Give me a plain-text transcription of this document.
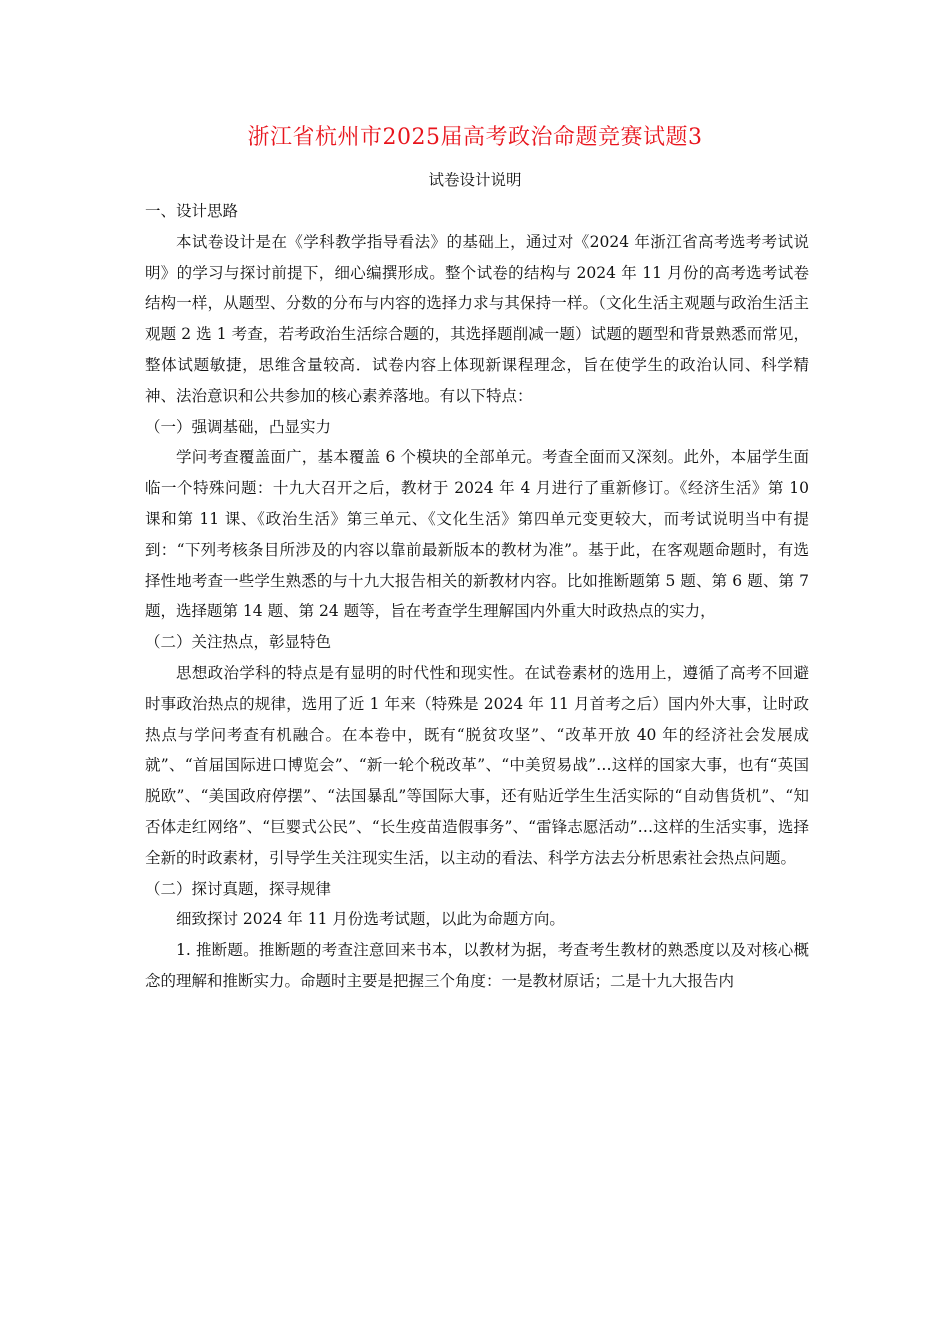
浙江省杭州市2025届高考政治命题竞赛试题3
试卷设计说明

一、设计思路

本试卷设计是在《学科教学指导看法》的基础上，通过对《2024 年浙江省高考选考考试说明》的学习与探讨前提下，细心编撰形成。整个试卷的结构与 2024 年 11 月份的高考选考试卷结构一样，从题型、分数的分布与内容的选择力求与其保持一样。（文化生活主观题与政治生活主观题 2 选 1 考查，若考政治生活综合题的，其选择题削减一题）试题的题型和背景熟悉而常见，整体试题敏捷，思维含量较高．试卷内容上体现新课程理念，旨在使学生的政治认同、科学精神、法治意识和公共参加的核心素养落地。有以下特点：

（一）强调基础，凸显实力

学问考查覆盖面广，基本覆盖 6 个模块的全部单元。考查全面而又深刻。此外，本届学生面临一个特殊问题：十九大召开之后，教材于 2024 年 4 月进行了重新修订。《经济生活》第 10 课和第 11 课、《政治生活》第三单元、《文化生活》第四单元变更较大，而考试说明当中有提到：“下列考核条目所涉及的内容以靠前最新版本的教材为准”。基于此，在客观题命题时，有选择性地考查一些学生熟悉的与十九大报告相关的新教材内容。比如推断题第 5 题、第 6 题、第 7 题，选择题第 14 题、第 24 题等，旨在考查学生理解国内外重大时政热点的实力，

（二）关注热点，彰显特色

思想政治学科的特点是有显明的时代性和现实性。在试卷素材的选用上，遵循了高考不回避时事政治热点的规律，选用了近 1 年来（特殊是 2024 年 11 月首考之后）国内外大事，让时政热点与学问考查有机融合。在本卷中，既有“脱贫攻坚”、“改革开放 40 年的经济社会发展成就”、“首届国际进口博览会”、“新一轮个税改革”、“中美贸易战”…这样的国家大事，也有“英国脱欧”、“美国政府停摆”、“法国暴乱”等国际大事，还有贴近学生生活实际的“自动售货机”、“知否体走红网络”、“巨婴式公民”、“长生疫苗造假事务”、“雷锋志愿活动”…这样的生活实事，选择全新的时政素材，引导学生关注现实生活，以主动的看法、科学方法去分析思索社会热点问题。

（二）探讨真题，探寻规律

细致探讨 2024 年 11 月份选考试题，以此为命题方向。

1. 推断题。推断题的考查注意回来书本，以教材为据，考查考生教材的熟悉度以及对核心概念的理解和推断实力。命题时主要是把握三个角度：一是教材原话；二是十九大报告内
